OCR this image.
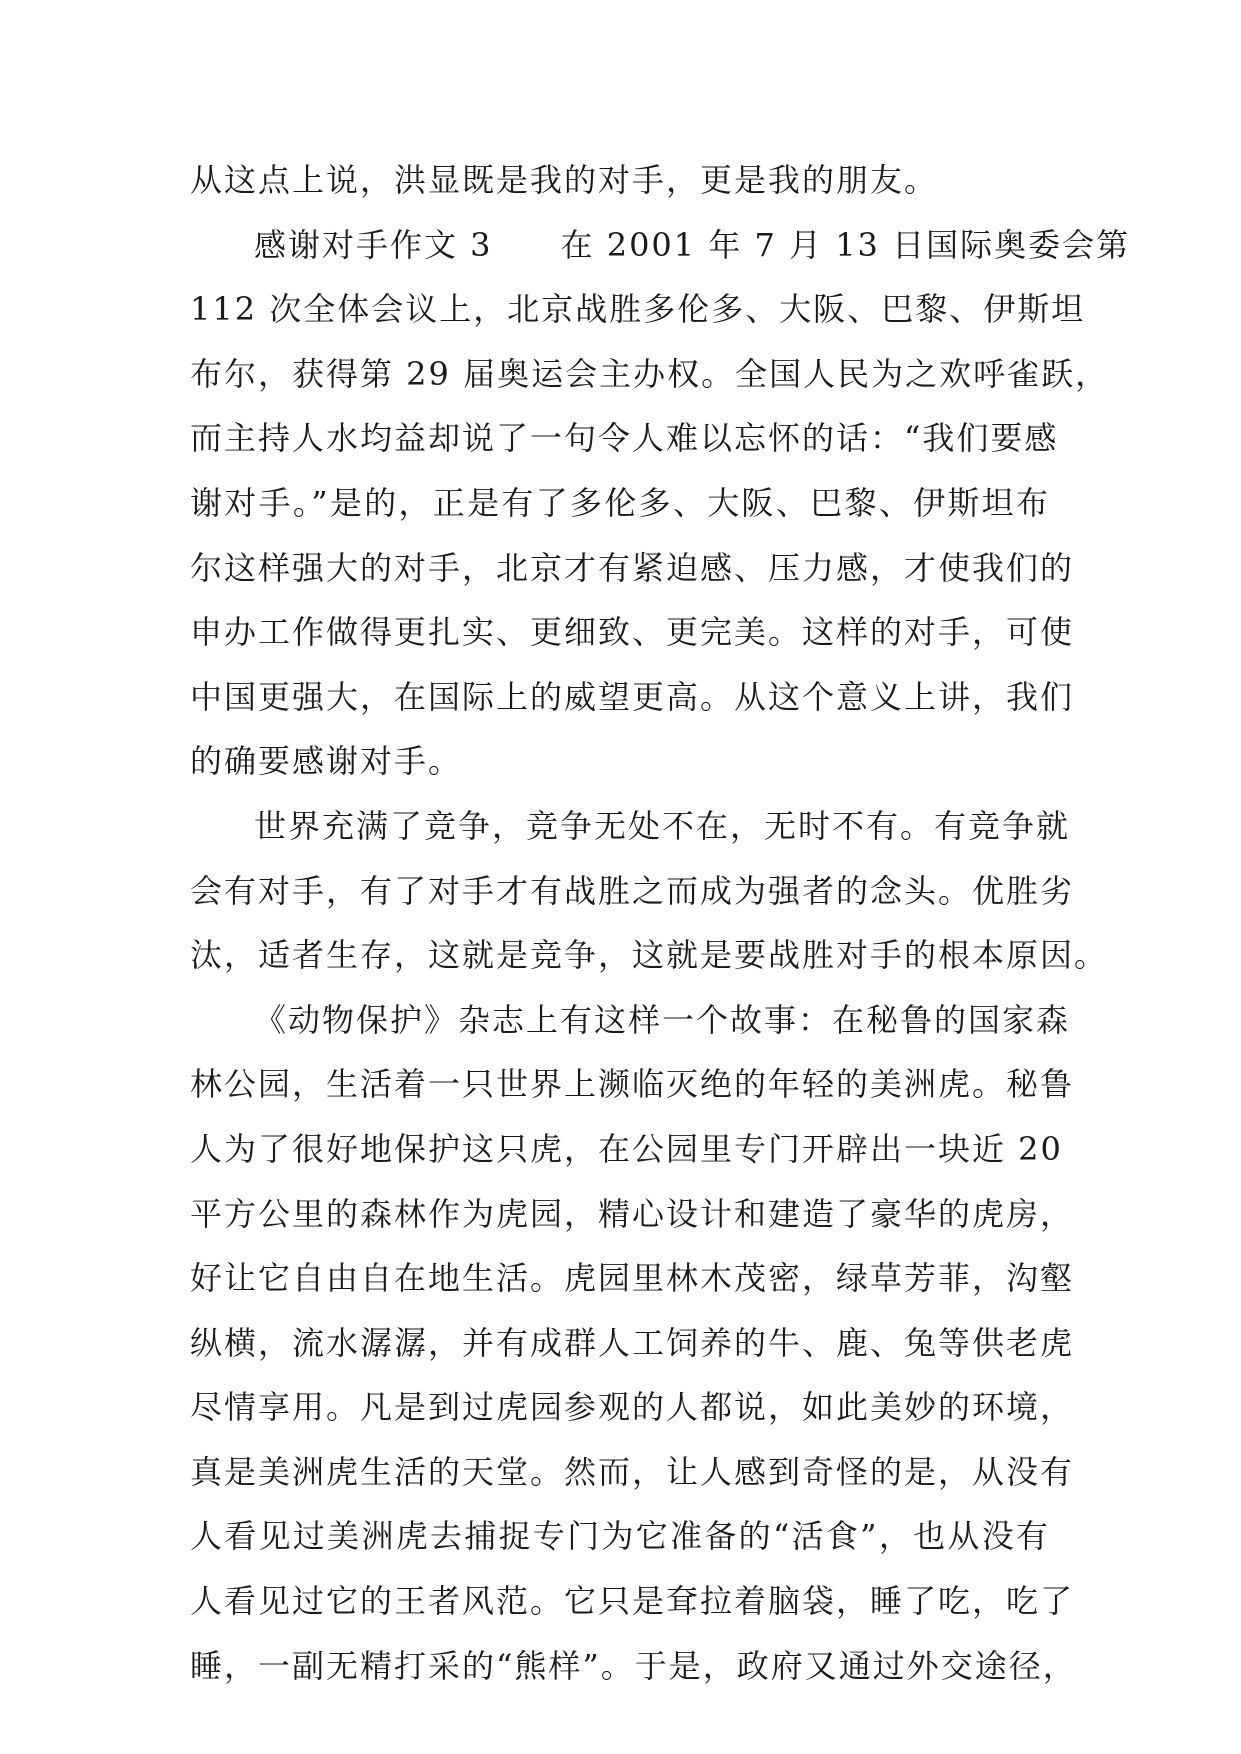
从这点上说，洪显既是我的对手，更是我的朋友。
感谢对手作文 3　　在 2001 年 7 月 13 日国际奥委会第
112 次全体会议上，北京战胜多伦多、大阪、巴黎、伊斯坦
布尔，获得第 29 届奥运会主办权。全国人民为之欢呼雀跃，
而主持人水均益却说了一句令人难以忘怀的话：“我们要感
谢对手。”是的，正是有了多伦多、大阪、巴黎、伊斯坦布
尔这样强大的对手，北京才有紧迫感、压力感，才使我们的
申办工作做得更扎实、更细致、更完美。这样的对手，可使
中国更强大，在国际上的威望更高。从这个意义上讲，我们
的确要感谢对手。
世界充满了竞争，竞争无处不在，无时不有。有竞争就
会有对手，有了对手才有战胜之而成为强者的念头。优胜劣
汰，适者生存，这就是竞争，这就是要战胜对手的根本原因。
《动物保护》杂志上有这样一个故事：在秘鲁的国家森
林公园，生活着一只世界上濒临灭绝的年轻的美洲虎。秘鲁
人为了很好地保护这只虎，在公园里专门开辟出一块近 20
平方公里的森林作为虎园，精心设计和建造了豪华的虎房，
好让它自由自在地生活。虎园里林木茂密，绿草芳菲，沟壑
纵横，流水潺潺，并有成群人工饲养的牛、鹿、兔等供老虎
尽情享用。凡是到过虎园参观的人都说，如此美妙的环境，
真是美洲虎生活的天堂。然而，让人感到奇怪的是，从没有
人看见过美洲虎去捕捉专门为它准备的“活食”，也从没有
人看见过它的王者风范。它只是耷拉着脑袋，睡了吃，吃了
睡，一副无精打采的“熊样”。于是，政府又通过外交途径，
